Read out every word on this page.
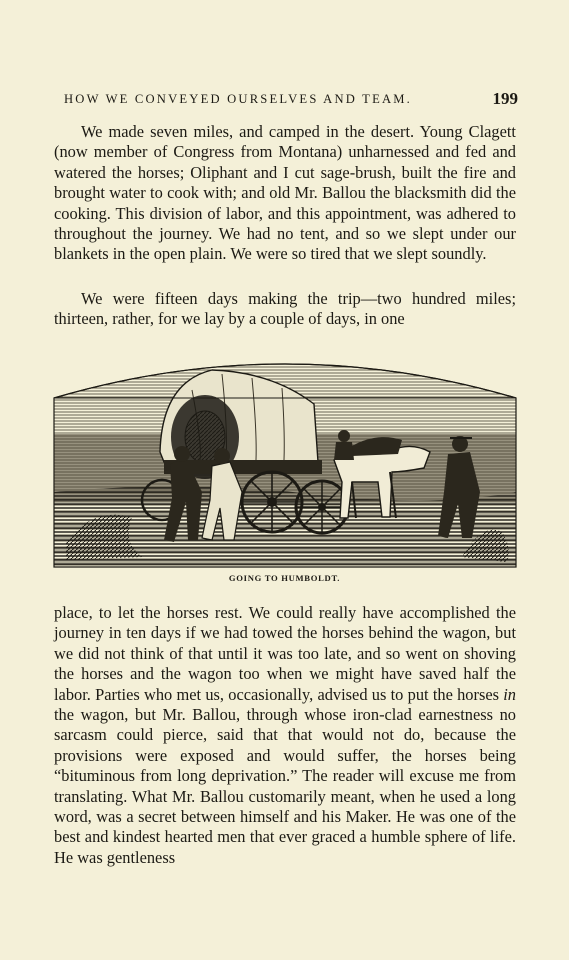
HOW WE CONVEYED OURSELVES AND TEAM.	199

We made seven miles, and camped in the desert. Young Clagett (now member of Congress from Montana) unharnessed and fed and watered the horses; Oliphant and I cut sage-brush, built the fire and brought water to cook with; and old Mr. Ballou the blacksmith did the cooking. This division of labor, and this appointment, was adhered to throughout the journey. We had no tent, and so we slept under our blankets in the open plain. We were so tired that we slept soundly.

We were fifteen days making the trip—two hundred miles; thirteen, rather, for we lay by a couple of days, in one

GOING TO HUMBOLDT.

place, to let the horses rest. We could really have accomplished the journey in ten days if we had towed the horses behind the wagon, but we did not think of that until it was too late, and so went on shoving the horses and the wagon too when we might have saved half the labor. Parties who met us, occasionally, advised us to put the horses in the wagon, but Mr. Ballou, through whose iron-clad earnestness no sarcasm could pierce, said that that would not do, because the provisions were exposed and would suffer, the horses being “bituminous from long deprivation.” The reader will excuse me from translating. What Mr. Ballou customarily meant, when he used a long word, was a secret between himself and his Maker. He was one of the best and kindest hearted men that ever graced a humble sphere of life. He was gentleness
